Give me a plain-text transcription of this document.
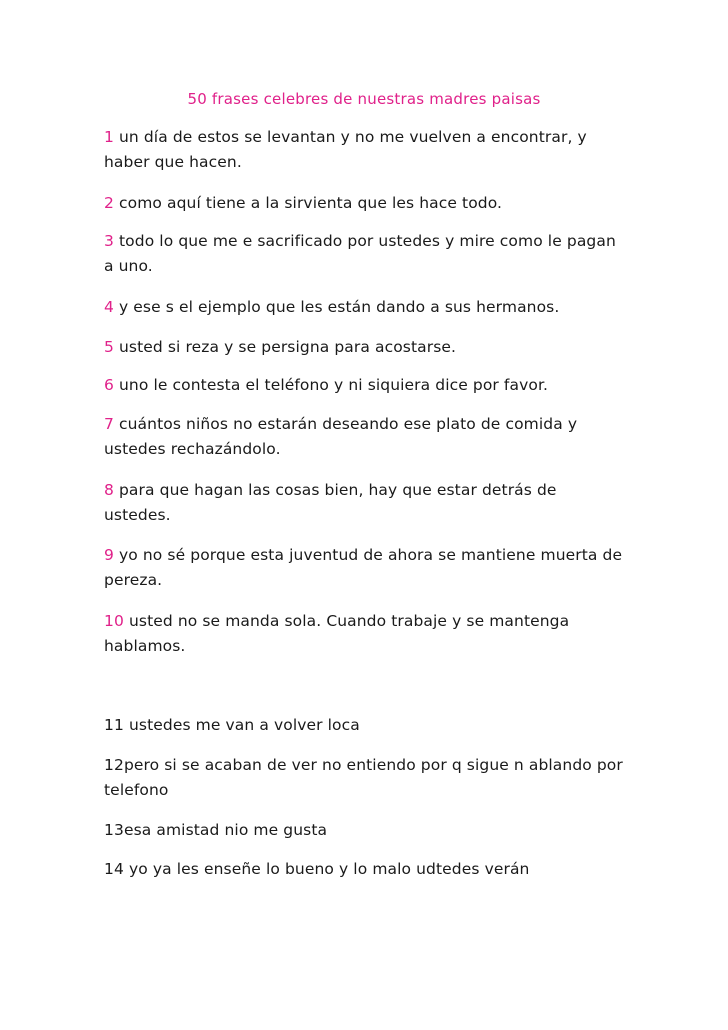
50 frases celebres de nuestras madres paisas
1 un día de estos se levantan y no me vuelven a encontrar, y haber que hacen.
2 como aquí tiene a la sirvienta que les hace todo.
3 todo lo que me e sacrificado por ustedes y mire como le pagan a uno.
4 y ese s el ejemplo que les están dando a sus hermanos.
5 usted si reza y se persigna para acostarse.
6 uno le contesta el teléfono y ni siquiera dice por favor.
7 cuántos niños no estarán deseando ese plato de comida y ustedes rechazándolo.
8 para que hagan las cosas bien, hay que estar detrás de ustedes.
9 yo no sé porque esta juventud de ahora se mantiene muerta de pereza.
10 usted no se manda sola. Cuando trabaje y se mantenga hablamos.
11 ustedes me van a volver loca
12pero si se acaban de ver no entiendo por q sigue n ablando por telefono
13esa amistad nio me gusta
14 yo ya les enseñe lo bueno y lo malo udtedes verán
